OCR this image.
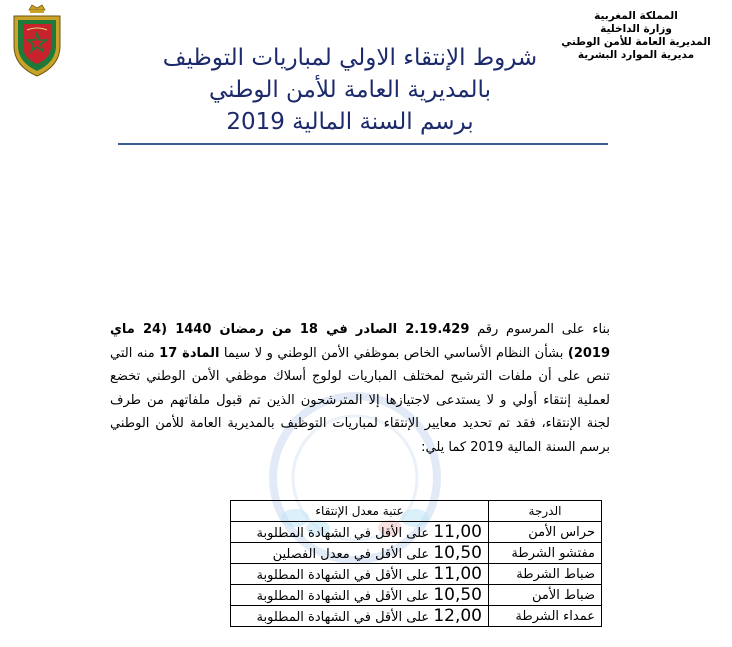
المملكة المغربية
وزارة الداخلية
المديرية العامة للأمن الوطني
مديرية الموارد البشرية
شروط الإنتقاء الاولي لمباريات التوظيف
بالمديرية العامة للأمن الوطني
برسم السنة المالية 2019
بناء على المرسوم رقم 2.19.429 الصادر في 18 من رمضان 1440 (24 ماي 2019) بشأن النظام الأساسي الخاص بموظفي الأمن الوطني و لا سيما المادة 17 منه التي تنص على أن ملفات الترشيح لمختلف المباريات لولوج أسلاك موظفي الأمن الوطني تخضع لعملية إنتقاء أولي و لا يستدعى لاجتيازها إلا المترشحون الذين تم قبول ملفاتهم من طرف لجنة الإنتقاء، فقد تم تحديد معايير الإنتقاء لمباريات التوظيف بالمديرية العامة للأمن الوطني برسم السنة المالية 2019 كما يلي:
الدرجة	عتبة معدل الإنتقاء
حراس الأمن	11,00 على الأقل في الشهادة المطلوبة
مفتشو الشرطة	10,50 على الأقل في معدل الفصلين
ضباط الشرطة	11,00 على الأقل في الشهادة المطلوبة
ضباط الأمن	10,50 على الأقل في الشهادة المطلوبة
عمداء الشرطة	12,00 على الأقل في الشهادة المطلوبة
